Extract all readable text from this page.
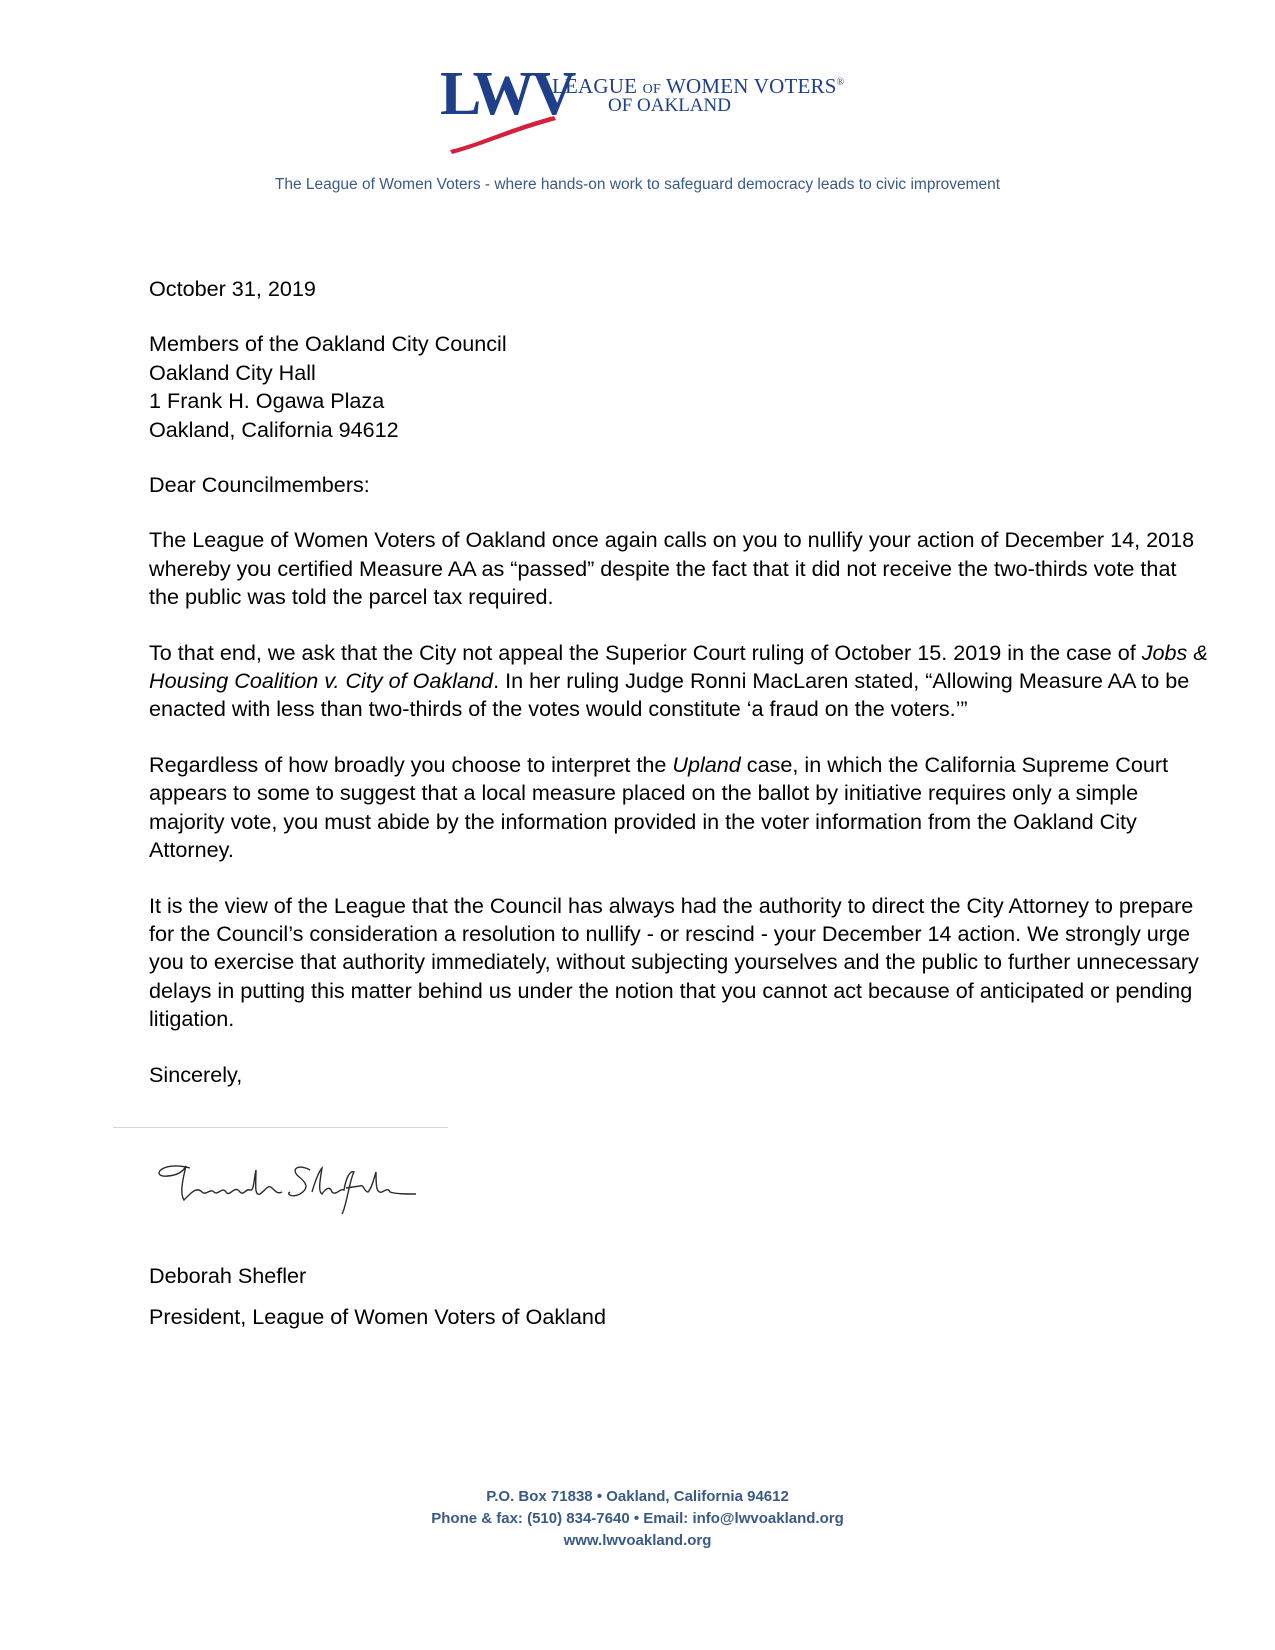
LWV
LEAGUE OF WOMEN VOTERS®
OF OAKLAND
The League of Women Voters - where hands-on work to safeguard democracy leads to civic improvement

October 31, 2019

Members of the Oakland City Council

Oakland City Hall

1 Frank H. Ogawa Plaza

Oakland, California 94612

Dear Councilmembers:

The League of Women Voters of Oakland once again calls on you to nullify your action of December 14, 2018 whereby you certified Measure AA as “passed” despite the fact that it did not receive the two-thirds vote that the public was told the parcel tax required.

To that end, we ask that the City not appeal the Superior Court ruling of October 15. 2019 in the case of Jobs & Housing Coalition v. City of Oakland. In her ruling Judge Ronni MacLaren stated, “Allowing Measure AA to be enacted with less than two-thirds of the votes would constitute ‘a fraud on the voters.’”

Regardless of how broadly you choose to interpret the Upland case, in which the California Supreme Court appears to some to suggest that a local measure placed on the ballot by initiative requires only a simple majority vote, you must abide by the information provided in the voter information from the Oakland City Attorney.

It is the view of the League that the Council has always had the authority to direct the City Attorney to prepare for the Council’s consideration a resolution to nullify - or rescind - your December 14 action. We strongly urge you to exercise that authority immediately, without subjecting yourselves and the public to further unnecessary delays in putting this matter behind us under the notion that you cannot act because of anticipated or pending litigation.

Sincerely,

Deborah Shefler
President, League of Women Voters of Oakland
P.O. Box 71838 • Oakland, California 94612
Phone & fax: (510) 834-7640 • Email: info@lwvoakland.org
www.lwvoakland.org
